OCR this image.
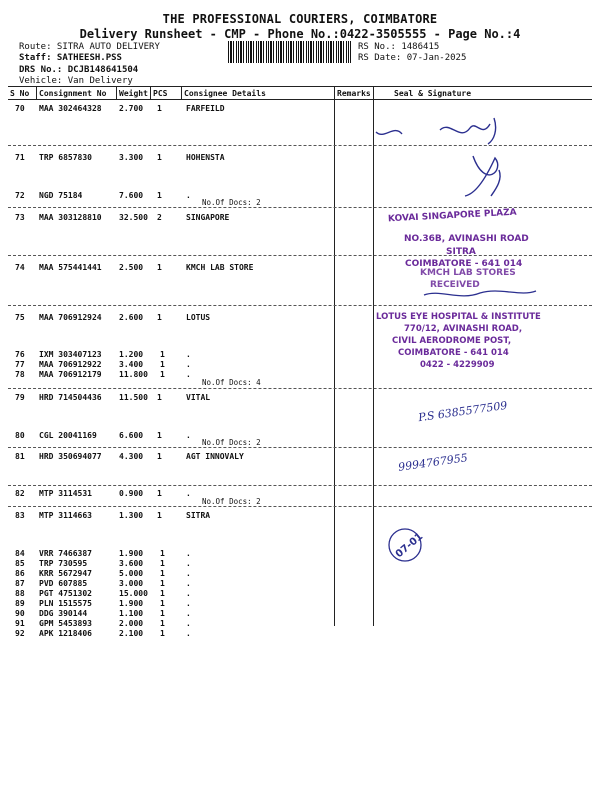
THE PROFESSIONAL COURIERS, COIMBATORE
Delivery Runsheet - CMP - Phone No.:0422-3505555 - Page No.:4
Route: SITRA AUTO DELIVERY
Staff: SATHEESH.PSS
DRS No.: DCJB148641504
Vehicle: Van Delivery
RS No.: 1486415
RS Date: 07-Jan-2025
S No Consignment No Weight PCS Consignee Details	Remarks	Seal & Signature
70 MAA 302464328 2.700 1	FARFEILD
71 TRP 6857830	3.300 1	HOHENSTA
72 NGD 75184	7.600 1	.
No.Of Docs: 2
73 MAA 303128810 32.500 2	SINGAPORE
74 MAA 575441441 2.500 1	KMCH LAB STORE
75 MAA 706912924 2.600 1	LOTUS
76 IXM 303407123 1.200 1	.
77 MAA 706912922 3.400 1	.
78 MAA 706912179 11.800 1	.
No.Of Docs: 4
79 HRD 714504436 11.500 1	VITAL
80 CGL 20041169	6.600 1	.
No.Of Docs: 2
81 HRD 350694077 4.300 1	AGT INNOVALY
82 MTP 3114531	0.900 1	.
No.Of Docs: 2
83 MTP 3114663	1.300 1	SITRA
84 VRR 7466387	1.900 1	.
85 TRP 730595	3.600 1	.
86 KRR 5672947	5.000 1	.
87 PVD 607885	3.000 1	.
88 PGT 4751302	15.000 1	.
89 PLN 1515575	1.900 1	.
90 DDG 390144	1.100 1	.
91 GPM 5453893	2.000 1	.
92 APK 1218406	2.100 1	.
KOVAI SINGAPORE PLAZA
NO.36B, AVINASHI ROAD
SITRA
COIMBATORE - 641 014
KMCH LAB STORES
RECEIVED
LOTUS EYE HOSPITAL & INSTITUTE
770/12, AVINASHI ROAD,
CIVIL AERODROME POST,
COIMBATORE - 641 014
0422 - 4229909
P.S 6385577509
9994767955
07-01
